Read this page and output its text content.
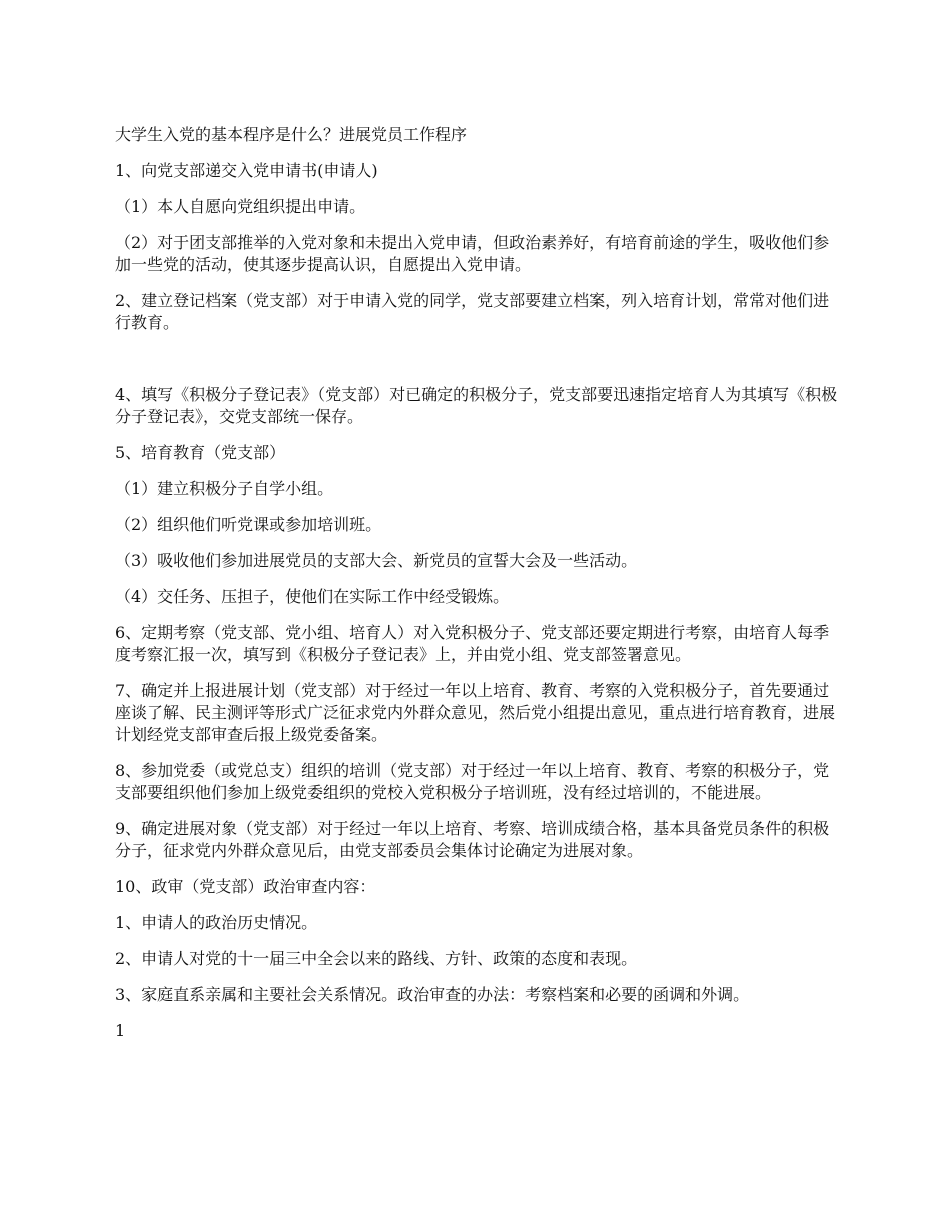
大学生入党的基本程序是什么？进展党员工作程序

1、向党支部递交入党申请书(申请人)

（1）本人自愿向党组织提出申请。

（2）对于团支部推举的入党对象和未提出入党申请，但政治素养好，有培育前途的学生，吸收他们参加一些党的活动，使其逐步提高认识，自愿提出入党申请。

2、建立登记档案（党支部）对于申请入党的同学，党支部要建立档案，列入培育计划，常常对他们进行教育。

4、填写《积极分子登记表》（党支部）对已确定的积极分子，党支部要迅速指定培育人为其填写《积极分子登记表》，交党支部统一保存。

5、培育教育（党支部）

（1）建立积极分子自学小组。

（2）组织他们听党课或参加培训班。

（3）吸收他们参加进展党员的支部大会、新党员的宣誓大会及一些活动。

（4）交任务、压担子，使他们在实际工作中经受锻炼。

6、定期考察（党支部、党小组、培育人）对入党积极分子、党支部还要定期进行考察，由培育人每季度考察汇报一次，填写到《积极分子登记表》上，并由党小组、党支部签署意见。

7、确定并上报进展计划（党支部）对于经过一年以上培育、教育、考察的入党积极分子，首先要通过座谈了解、民主测评等形式广泛征求党内外群众意见，然后党小组提出意见，重点进行培育教育，进展计划经党支部审查后报上级党委备案。

8、参加党委（或党总支）组织的培训（党支部）对于经过一年以上培育、教育、考察的积极分子，党支部要组织他们参加上级党委组织的党校入党积极分子培训班，没有经过培训的，不能进展。

9、确定进展对象（党支部）对于经过一年以上培育、考察、培训成绩合格，基本具备党员条件的积极分子，征求党内外群众意见后，由党支部委员会集体讨论确定为进展对象。

10、政审（党支部）政治审查内容：

1、申请人的政治历史情况。

2、申请人对党的十一届三中全会以来的路线、方针、政策的态度和表现。

3、家庭直系亲属和主要社会关系情况。政治审查的办法：考察档案和必要的函调和外调。

1
